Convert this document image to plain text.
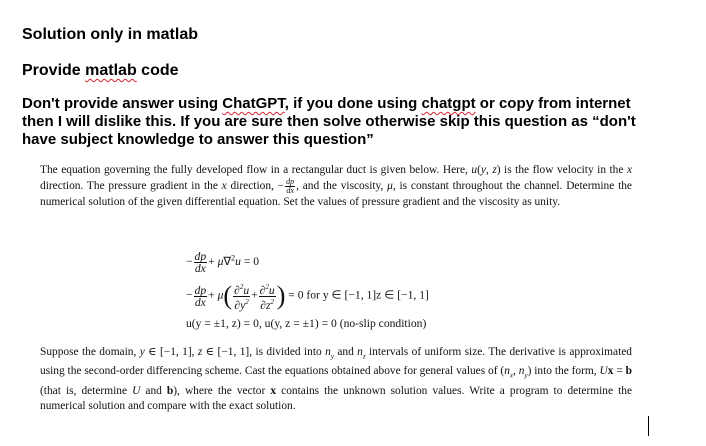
Solution only in matlab
Provide matlab code
Don't provide answer using ChatGPT, if you done using chatgpt or copy from internet then I will dislike this. If you are sure then solve otherwise skip this question as “don't have subject knowledge to answer this question”
The equation governing the fully developed flow in a rectangular duct is given below. Here, u(y, z) is the flow velocity in the x direction. The pressure gradient in the x direction, − $\frac{dp}{dx}$ , and the viscosity, μ, is constant throughout the channel. Determine the numerical solution of the given differential equation. Set the values of pressure gradient and the viscosity as unity.
− $\frac{dp}{dx} + \mu\nabla^2u = 0$
− $\frac{dp}{dx} + \mu( \frac{\partial^2u}{\partial y^2} + \frac{\partial^2u}{\partial z^2}$ ) = 0 for y ∈ [−1, 1]z ∈ [−1, 1]
u(y = ±1, z) = 0, u(y, z = ±1) = 0 (no-slip condition)
Suppose the domain, y ∈ [−1, 1], z ∈ [−1, 1], is divided into $n_y$ and $n_z$ intervals of uniform size. The derivative is approximated using the second-order differencing scheme. Cast the equations obtained above for general values of ($n_x$, $n_y$) into the form, Ux = b (that is, determine U and b), where the vector x contains the unknown solution values. Write a program to determine the numerical solution and compare with the exact solution.
